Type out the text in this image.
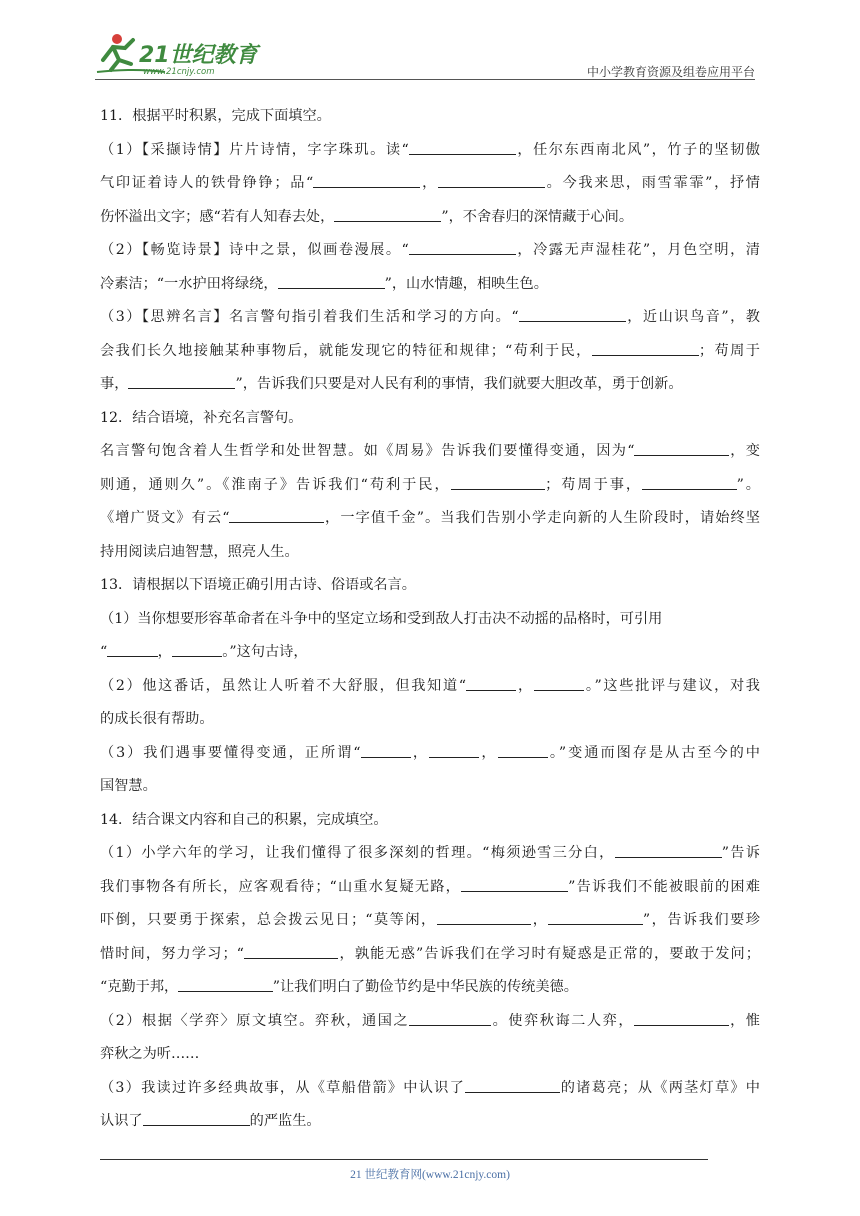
21世纪教育
www.21cnjy.com	中小学教育资源及组卷应用平台
11．根据平时积累，完成下面填空。
（1）【采撷诗情】片片诗情，字字珠玑。读“	，任尔东西南北风”，竹子的坚韧傲
气印证着诗人的铁骨铮铮；品“	，	。今我来思，雨雪霏霏”，抒情
伤怀溢出文字；感“若有人知春去处，	”，不舍春归的深情藏于心间。
（2）【畅览诗景】诗中之景，似画卷漫展。“	，冷露无声湿桂花”，月色空明，清
冷素洁；“一水护田将绿绕，	”，山水情趣，相映生色。
（3）【思辨名言】名言警句指引着我们生活和学习的方向。“	，近山识鸟音”，教
会我们长久地接触某种事物后，就能发现它的特征和规律；“苟利于民，	；苟周于
事，	”，告诉我们只要是对人民有利的事情，我们就要大胆改革，勇于创新。
12．结合语境，补充名言警句。
名言警句饱含着人生哲学和处世智慧。如《周易》告诉我们要懂得变通，因为“	，变
则通，通则久”。《淮南子》告诉我们“苟利于民，	；苟周于事，	”。
《增广贤文》有云“	，一字值千金”。当我们告别小学走向新的人生阶段时，请始终坚
持用阅读启迪智慧，照亮人生。
13．请根据以下语境正确引用古诗、俗语或名言。
（1）当你想要形容革命者在斗争中的坚定立场和受到敌人打击决不动摇的品格时，可引用
“	，	。”这句古诗，
（2）他这番话，虽然让人听着不大舒服，但我知道“	，	。”这些批评与建议，对我
的成长很有帮助。
（3）我们遇事要懂得变通，正所谓“	，	，	。”变通而图存是从古至今的中
国智慧。
14．结合课文内容和自己的积累，完成填空。
（1）小学六年的学习，让我们懂得了很多深刻的哲理。“梅须逊雪三分白，	”告诉
我们事物各有所长，应客观看待；“山重水复疑无路，	”告诉我们不能被眼前的困难
吓倒，只要勇于探索，总会拨云见日；“莫等闲，	，	”，告诉我们要珍
惜时间，努力学习；“	，孰能无惑”告诉我们在学习时有疑惑是正常的，要敢于发问；
“克勤于邦，	”让我们明白了勤俭节约是中华民族的传统美德。
（2）根据〈学弈〉原文填空。弈秋，通国之	。使弈秋诲二人弈，	，惟
弈秋之为听……
（3）我读过许多经典故事，从《草船借箭》中认识了	的诸葛亮；从《两茎灯草》中
认识了	的严监生。
21 世纪教育网(www.21cnjy.com)
